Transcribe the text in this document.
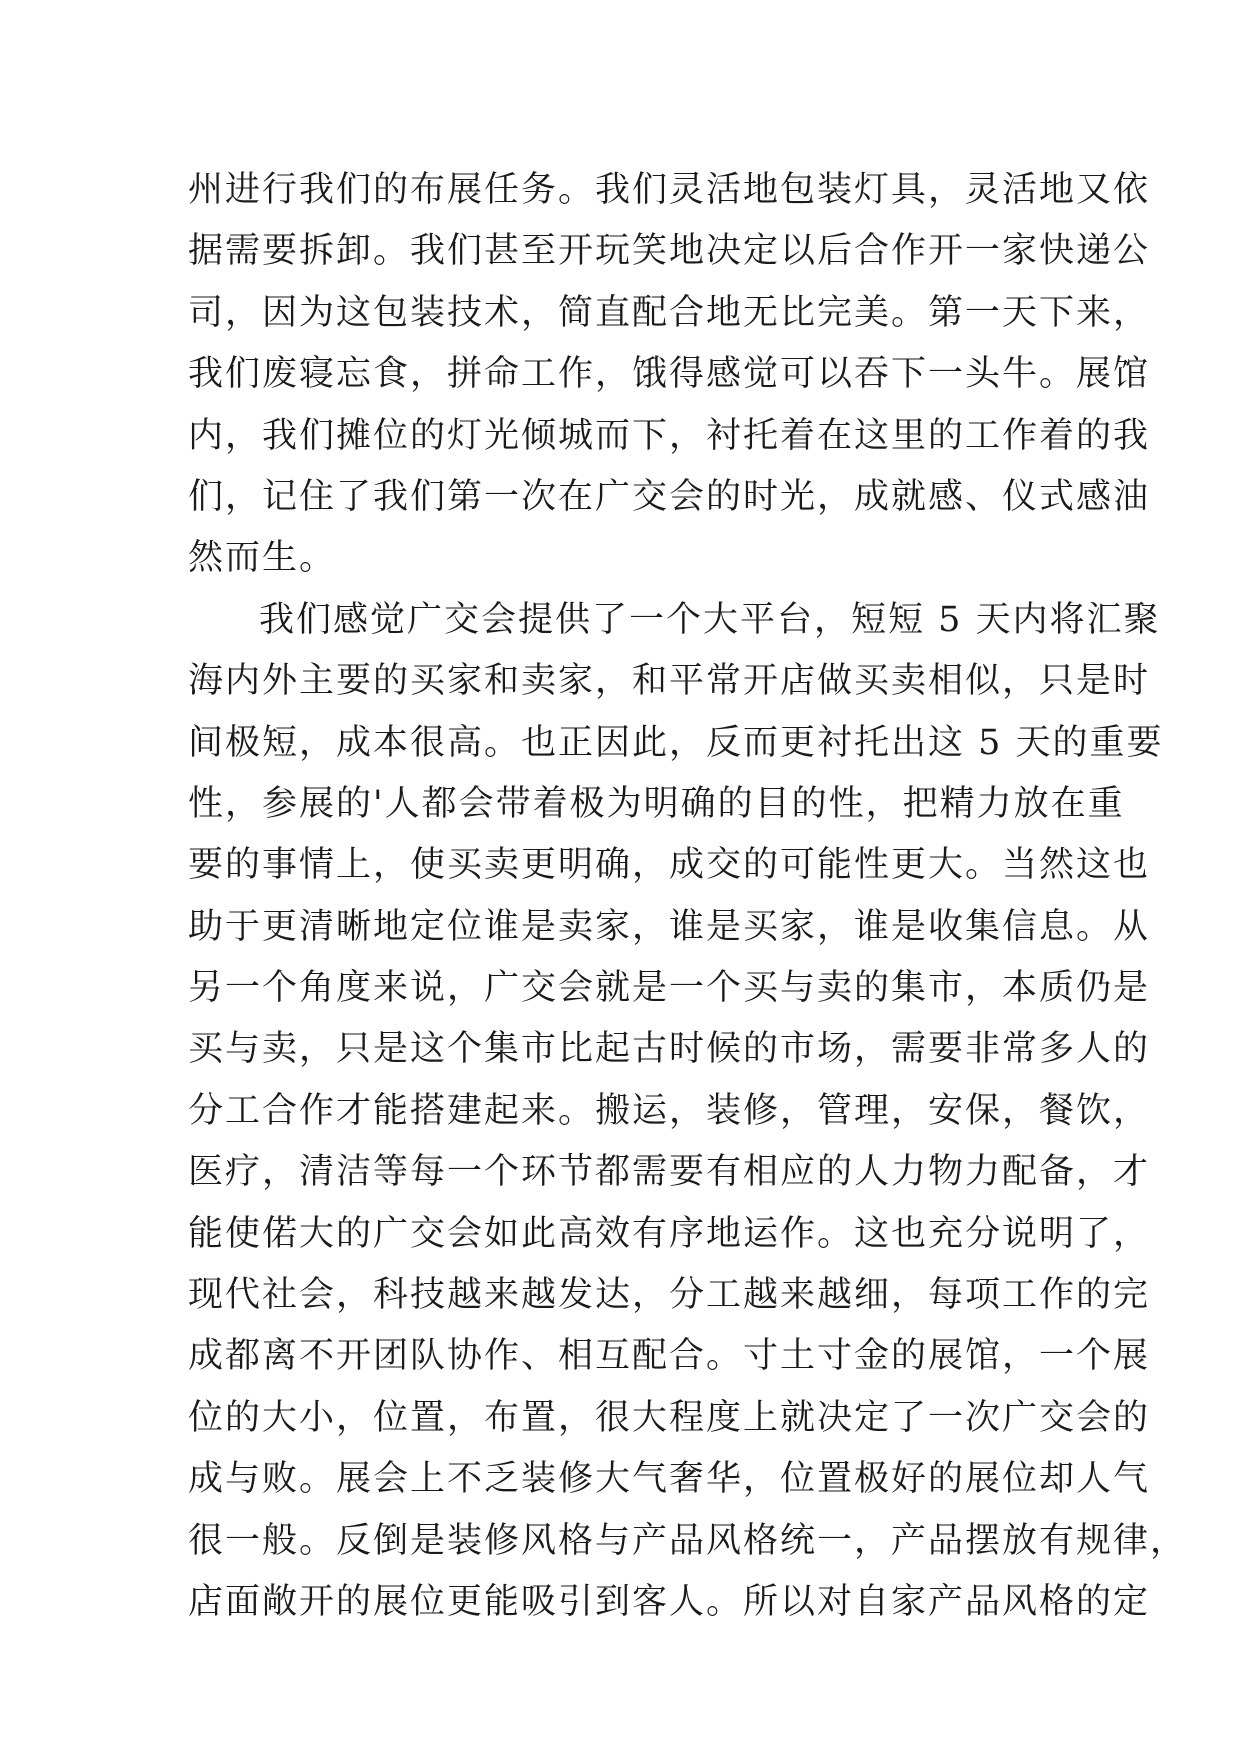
州进行我们的布展任务。我们灵活地包装灯具，灵活地又依
据需要拆卸。我们甚至开玩笑地决定以后合作开一家快递公
司，因为这包装技术，简直配合地无比完美。第一天下来，
我们废寝忘食，拼命工作，饿得感觉可以吞下一头牛。展馆
内，我们摊位的灯光倾城而下，衬托着在这里的工作着的我
们，记住了我们第一次在广交会的时光，成就感、仪式感油
然而生。
我们感觉广交会提供了一个大平台，短短 5 天内将汇聚
海内外主要的买家和卖家，和平常开店做买卖相似，只是时
间极短，成本很高。也正因此，反而更衬托出这 5 天的重要
性，参展的'人都会带着极为明确的目的性，把精力放在重
要的事情上，使买卖更明确，成交的可能性更大。当然这也
助于更清晰地定位谁是卖家，谁是买家，谁是收集信息。从
另一个角度来说，广交会就是一个买与卖的集市，本质仍是
买与卖，只是这个集市比起古时候的市场，需要非常多人的
分工合作才能搭建起来。搬运，装修，管理，安保，餐饮，
医疗，清洁等每一个环节都需要有相应的人力物力配备，才
能使偌大的广交会如此高效有序地运作。这也充分说明了，
现代社会，科技越来越发达，分工越来越细，每项工作的完
成都离不开团队协作、相互配合。寸土寸金的展馆，一个展
位的大小，位置，布置，很大程度上就决定了一次广交会的
成与败。展会上不乏装修大气奢华，位置极好的展位却人气
很一般。反倒是装修风格与产品风格统一，产品摆放有规律，
店面敞开的展位更能吸引到客人。所以对自家产品风格的定
